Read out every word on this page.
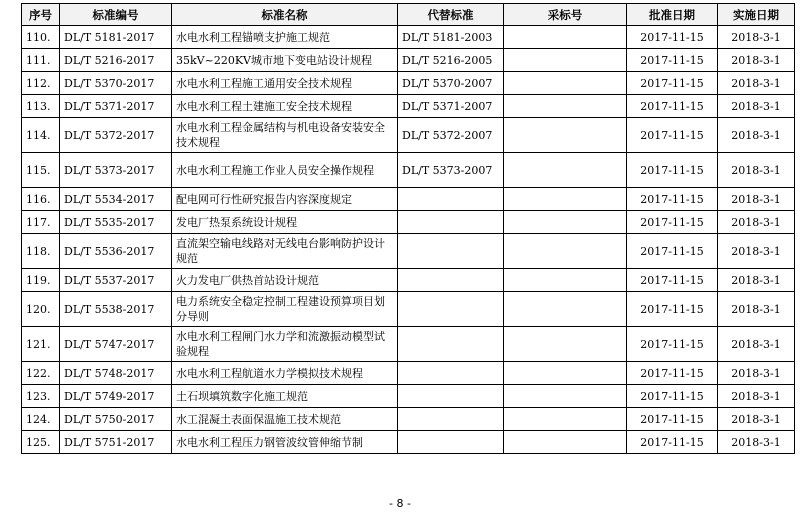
序号	标准编号	标准名称	代替标准	采标号	批准日期	实施日期
110.	DL/T 5181-2017	水电水利工程锚喷支护施工规范	DL/T 5181-2003		2017-11-15	2018-3-1
111.	DL/T 5216-2017	35kV~220KV城市地下变电站设计规程	DL/T 5216-2005		2017-11-15	2018-3-1
112.	DL/T 5370-2017	水电水利工程施工通用安全技术规程	DL/T 5370-2007		2017-11-15	2018-3-1
113.	DL/T 5371-2017	水电水利工程土建施工安全技术规程	DL/T 5371-2007		2017-11-15	2018-3-1
114.	DL/T 5372-2017	水电水利工程金属结构与机电设备安装安全技术规程	DL/T 5372-2007		2017-11-15	2018-3-1
115.	DL/T 5373-2017	水电水利工程施工作业人员安全操作规程	DL/T 5373-2007		2017-11-15	2018-3-1
116.	DL/T 5534-2017	配电网可行性研究报告内容深度规定			2017-11-15	2018-3-1
117.	DL/T 5535-2017	发电厂热泵系统设计规程			2017-11-15	2018-3-1
118.	DL/T 5536-2017	直流架空输电线路对无线电台影响防护设计规范			2017-11-15	2018-3-1
119.	DL/T 5537-2017	火力发电厂供热首站设计规范			2017-11-15	2018-3-1
120.	DL/T 5538-2017	电力系统安全稳定控制工程建设预算项目划分导则			2017-11-15	2018-3-1
121.	DL/T 5747-2017	水电水利工程闸门水力学和流激振动模型试验规程			2017-11-15	2018-3-1
122.	DL/T 5748-2017	水电水利工程航道水力学模拟技术规程			2017-11-15	2018-3-1
123.	DL/T 5749-2017	土石坝填筑数字化施工规范			2017-11-15	2018-3-1
124.	DL/T 5750-2017	水工混凝土表面保温施工技术规范			2017-11-15	2018-3-1
125.	DL/T 5751-2017	水电水利工程压力钢管波纹管伸缩节制			2017-11-15	2018-3-1
- 8 -
